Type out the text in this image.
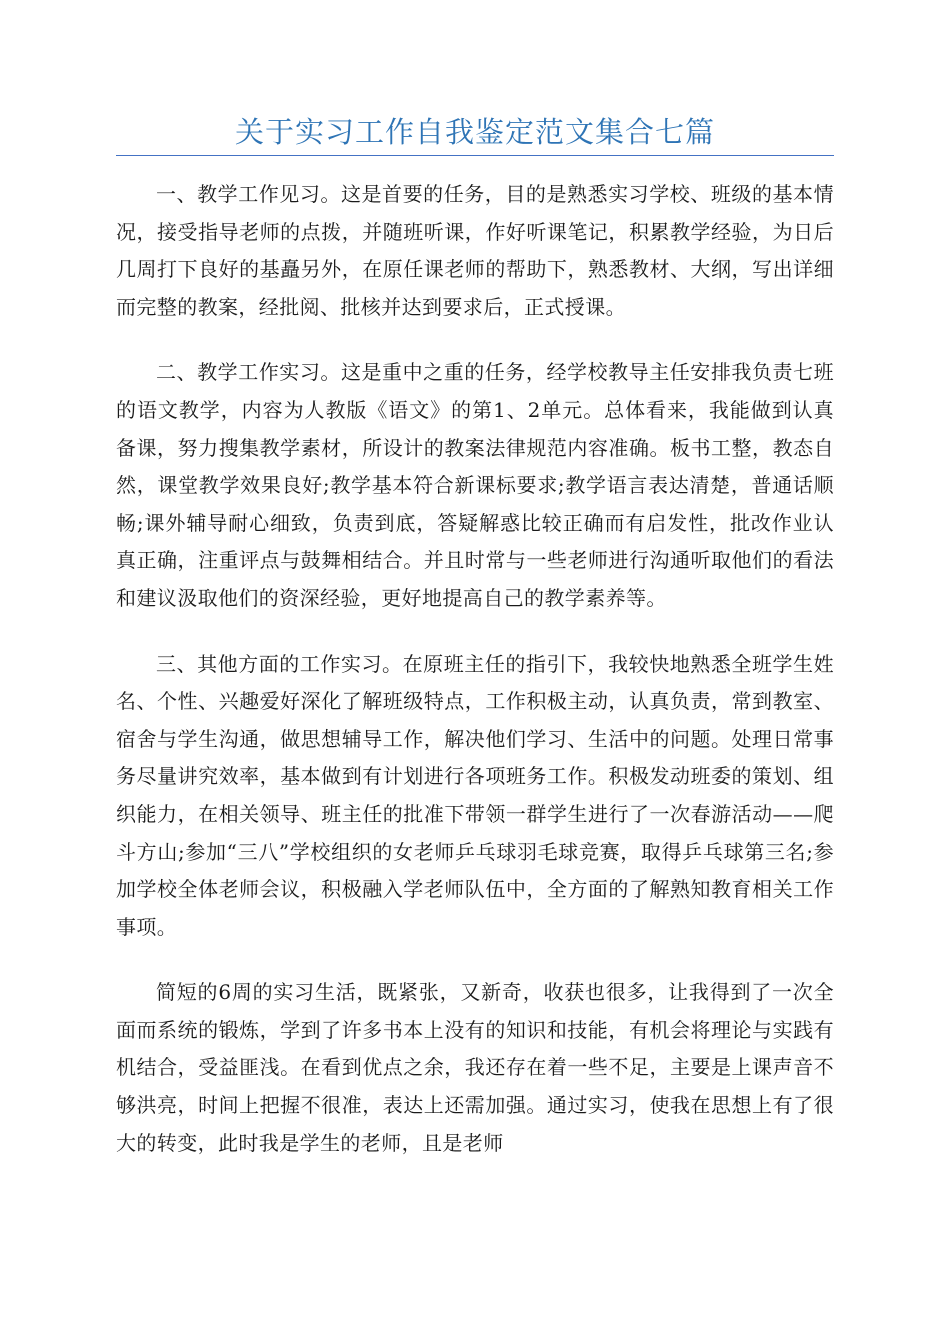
关于实习工作自我鉴定范文集合七篇

一、教学工作见习。这是首要的任务，目的是熟悉实习学校、班级的基本情况，接受指导老师的点拨，并随班听课，作好听课笔记，积累教学经验，为日后几周打下良好的基矗另外，在原任课老师的帮助下，熟悉教材、大纲，写出详细而完整的教案，经批阅、批核并达到要求后，正式授课。

二、教学工作实习。这是重中之重的任务，经学校教导主任安排我负责七班的语文教学，内容为人教版《语文》的第1、2单元。总体看来，我能做到认真备课，努力搜集教学素材，所设计的教案法律规范内容准确。板书工整，教态自然，课堂教学效果良好;教学基本符合新课标要求;教学语言表达清楚，普通话顺畅;课外辅导耐心细致，负责到底，答疑解惑比较正确而有启发性，批改作业认真正确，注重评点与鼓舞相结合。并且时常与一些老师进行沟通听取他们的看法和建议汲取他们的资深经验，更好地提高自己的教学素养等。

三、其他方面的工作实习。在原班主任的指引下，我较快地熟悉全班学生姓名、个性、兴趣爱好深化了解班级特点，工作积极主动，认真负责，常到教室、宿舍与学生沟通，做思想辅导工作，解决他们学习、生活中的问题。处理日常事务尽量讲究效率，基本做到有计划进行各项班务工作。积极发动班委的策划、组织能力，在相关领导、班主任的批准下带领一群学生进行了一次春游活动——爬斗方山;参加“三八”学校组织的女老师乒乓球羽毛球竞赛，取得乒乓球第三名;参加学校全体老师会议，积极融入学老师队伍中，全方面的了解熟知教育相关工作事项。

简短的6周的实习生活，既紧张，又新奇，收获也很多，让我得到了一次全面而系统的锻炼，学到了许多书本上没有的知识和技能，有机会将理论与实践有机结合，受益匪浅。在看到优点之余，我还存在着一些不足，主要是上课声音不够洪亮，时间上把握不很准，表达上还需加强。通过实习，使我在思想上有了很大的转变，此时我是学生的老师，且是老师
